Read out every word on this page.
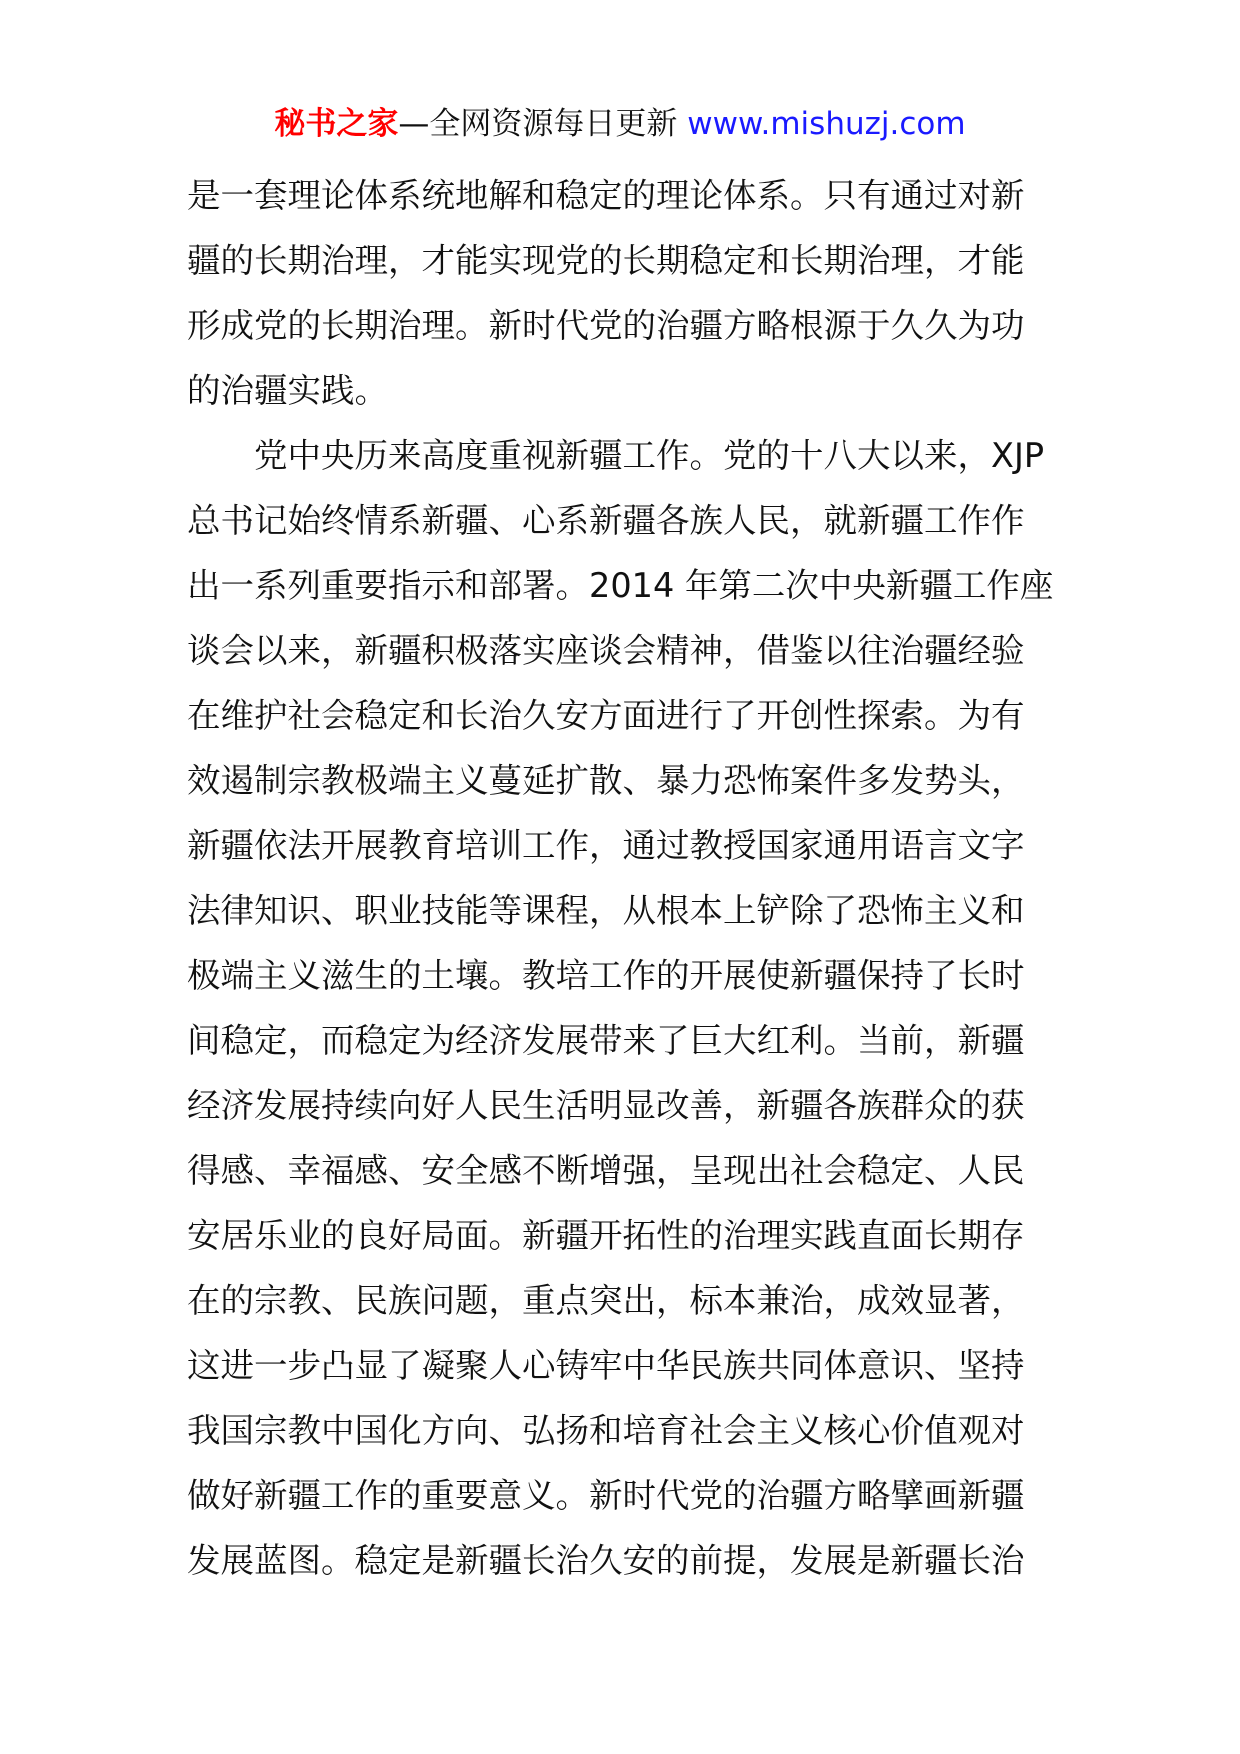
秘书之家—全网资源每日更新 www.mishuzj.com
是一套理论体系统地解和稳定的理论体系。只有通过对新
疆的长期治理，才能实现党的长期稳定和长期治理，才能
形成党的长期治理。新时代党的治疆方略根源于久久为功
的治疆实践。
党中央历来高度重视新疆工作。党的十八大以来，XJP
总书记始终情系新疆、心系新疆各族人民，就新疆工作作
出一系列重要指示和部署。2014 年第二次中央新疆工作座
谈会以来，新疆积极落实座谈会精神，借鉴以往治疆经验
在维护社会稳定和长治久安方面进行了开创性探索。为有
效遏制宗教极端主义蔓延扩散、暴力恐怖案件多发势头，
新疆依法开展教育培训工作，通过教授国家通用语言文字
法律知识、职业技能等课程，从根本上铲除了恐怖主义和
极端主义滋生的土壤。教培工作的开展使新疆保持了长时
间稳定，而稳定为经济发展带来了巨大红利。当前，新疆
经济发展持续向好人民生活明显改善，新疆各族群众的获
得感、幸福感、安全感不断增强，呈现出社会稳定、人民
安居乐业的良好局面。新疆开拓性的治理实践直面长期存
在的宗教、民族问题，重点突出，标本兼治，成效显著，
这进一步凸显了凝聚人心铸牢中华民族共同体意识、坚持
我国宗教中国化方向、弘扬和培育社会主义核心价值观对
做好新疆工作的重要意义。新时代党的治疆方略擘画新疆
发展蓝图。稳定是新疆长治久安的前提，发展是新疆长治
